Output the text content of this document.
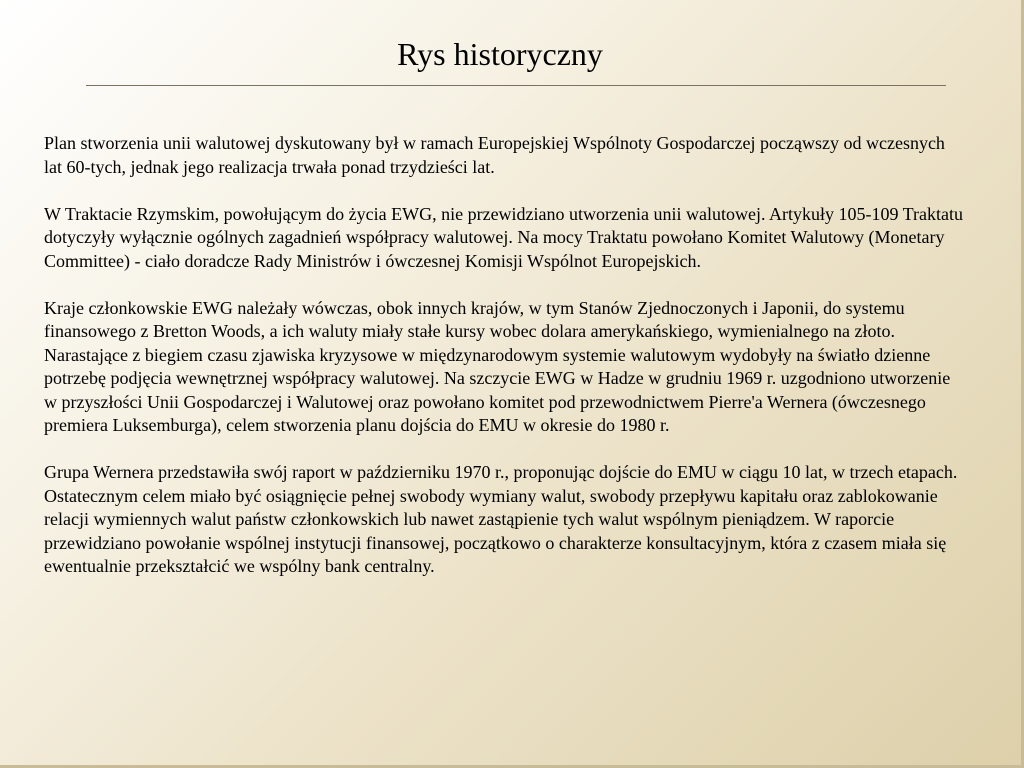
Rys historyczny

Plan stworzenia unii walutowej dyskutowany był w ramach Europejskiej Wspólnoty Gospodarczej począwszy od wczesnych lat 60-tych, jednak jego realizacja trwała ponad trzydzieści lat.

W Traktacie Rzymskim, powołującym do życia EWG, nie przewidziano utworzenia unii walutowej. Artykuły 105-109 Traktatu dotyczyły wyłącznie ogólnych zagadnień współpracy walutowej. Na mocy Traktatu powołano Komitet Walutowy (Monetary Committee) - ciało doradcze Rady Ministrów i ówczesnej Komisji Wspólnot Europejskich.

Kraje członkowskie EWG należały wówczas, obok innych krajów, w tym Stanów Zjednoczonych i Japonii, do systemu finansowego z Bretton Woods, a ich waluty miały stałe kursy wobec dolara amerykańskiego, wymienialnego na złoto. Narastające z biegiem czasu zjawiska kryzysowe w międzynarodowym systemie walutowym wydobyły na światło dzienne potrzebę podjęcia wewnętrznej współpracy walutowej. Na szczycie EWG w Hadze w grudniu 1969 r. uzgodniono utworzenie w przyszłości Unii Gospodarczej i Walutowej oraz powołano komitet pod przewodnictwem Pierre'a Wernera (ówczesnego premiera Luksemburga), celem stworzenia planu dojścia do EMU w okresie do 1980 r.

Grupa Wernera przedstawiła swój raport w październiku 1970 r., proponując dojście do EMU w ciągu 10 lat, w trzech etapach. Ostatecznym celem miało być osiągnięcie pełnej swobody wymiany walut, swobody przepływu kapitału oraz zablokowanie relacji wymiennych walut państw członkowskich lub nawet zastąpienie tych walut wspólnym pieniądzem. W raporcie przewidziano powołanie wspólnej instytucji finansowej, początkowo o charakterze konsultacyjnym, która z czasem miała się ewentualnie przekształcić we wspólny bank centralny.
